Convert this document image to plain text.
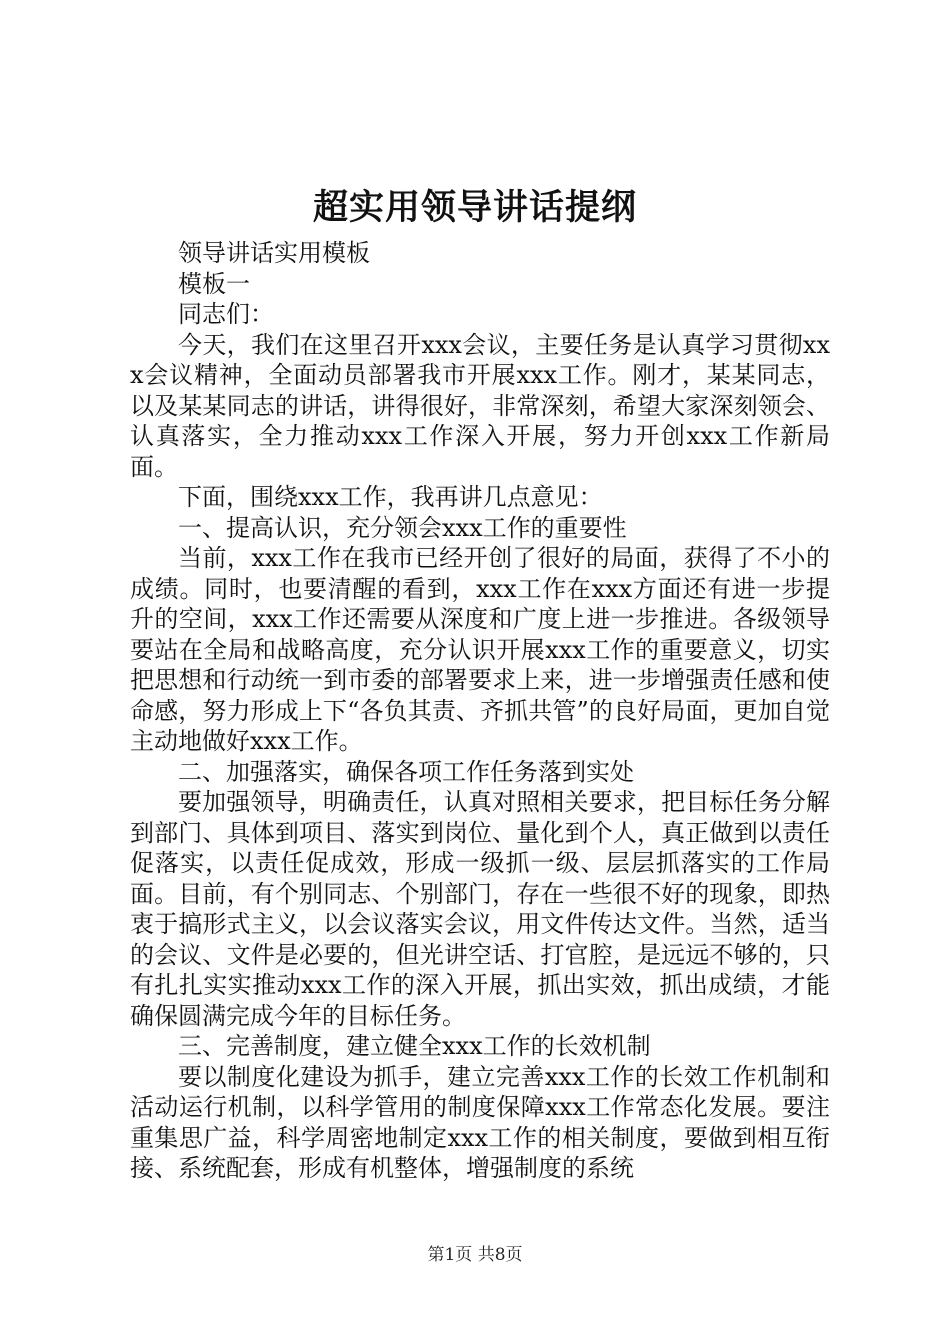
超实用领导讲话提纲

领导讲话实用模板

模板一

同志们：

今天，我们在这里召开xxx会议，主要任务是认真学习贯彻xxx会议精神，全面动员部署我市开展xxx工作。刚才，某某同志，以及某某同志的讲话，讲得很好，非常深刻，希望大家深刻领会、认真落实，全力推动xxx工作深入开展，努力开创xxx工作新局面。

下面，围绕xxx工作，我再讲几点意见：

一、提高认识，充分领会xxx工作的重要性

当前，xxx工作在我市已经开创了很好的局面，获得了不小的成绩。同时，也要清醒的看到，xxx工作在xxx方面还有进一步提升的空间，xxx工作还需要从深度和广度上进一步推进。各级领导要站在全局和战略高度，充分认识开展xxx工作的重要意义，切实把思想和行动统一到市委的部署要求上来，进一步增强责任感和使命感，努力形成上下“各负其责、齐抓共管”的良好局面，更加自觉主动地做好xxx工作。

二、加强落实，确保各项工作任务落到实处

要加强领导，明确责任，认真对照相关要求，把目标任务分解到部门、具体到项目、落实到岗位、量化到个人，真正做到以责任促落实，以责任促成效，形成一级抓一级、层层抓落实的工作局面。目前，有个别同志、个别部门，存在一些很不好的现象，即热衷于搞形式主义，以会议落实会议，用文件传达文件。当然，适当的会议、文件是必要的，但光讲空话、打官腔，是远远不够的，只有扎扎实实推动xxx工作的深入开展，抓出实效，抓出成绩，才能确保圆满完成今年的目标任务。

三、完善制度，建立健全xxx工作的长效机制

要以制度化建设为抓手，建立完善xxx工作的长效工作机制和活动运行机制，以科学管用的制度保障xxx工作常态化发展。要注重集思广益，科学周密地制定xxx工作的相关制度，要做到相互衔接、系统配套，形成有机整体，增强制度的系统

第1页 共8页
